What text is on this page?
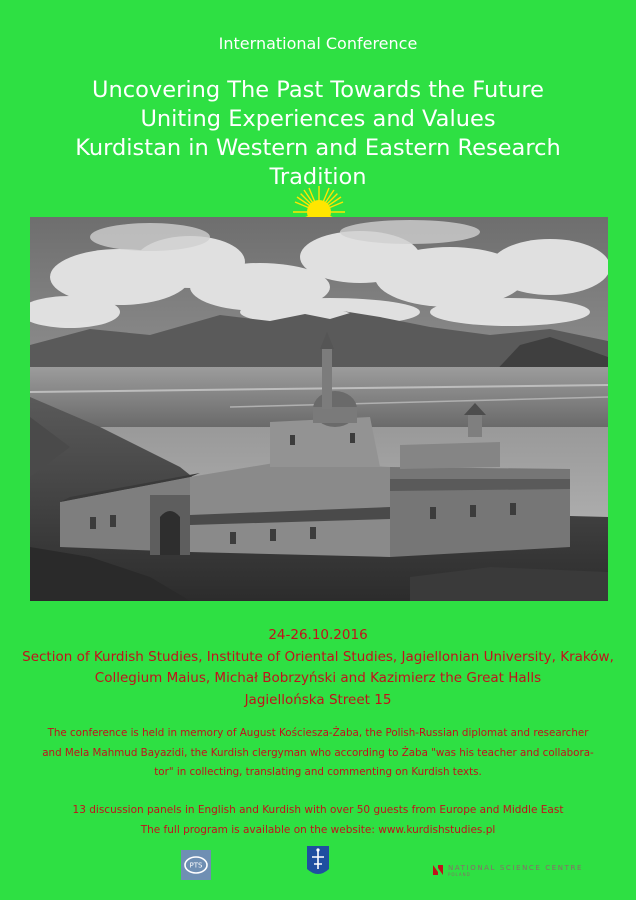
International Conference
Uncovering The Past Towards the Future
Uniting Experiences and Values
Kurdistan in Western and Eastern Research
Tradition
24-26.10.2016
Section of Kurdish Studies, Institute of Oriental Studies, Jagiellonian University, Kraków,
Collegium Maius, Michał Bobrzyński and Kazimierz the Great Halls
Jagiellońska Street 15
The conference is held in memory of August Kościesza-Żaba, the Polish-Russian diplomat and researcher
and Mela Mahmud Bayazidi, the Kurdish clergyman who according to Żaba "was his teacher and collabora-
tor" in collecting, translating and commenting on Kurdish texts.
13 discussion panels in English and Kurdish with over 50 guests from Europe and Middle East
The full program is available on the website: www.kurdishstudies.pl
PTS	NATIONAL SCIENCE CENTRE
POLAND
